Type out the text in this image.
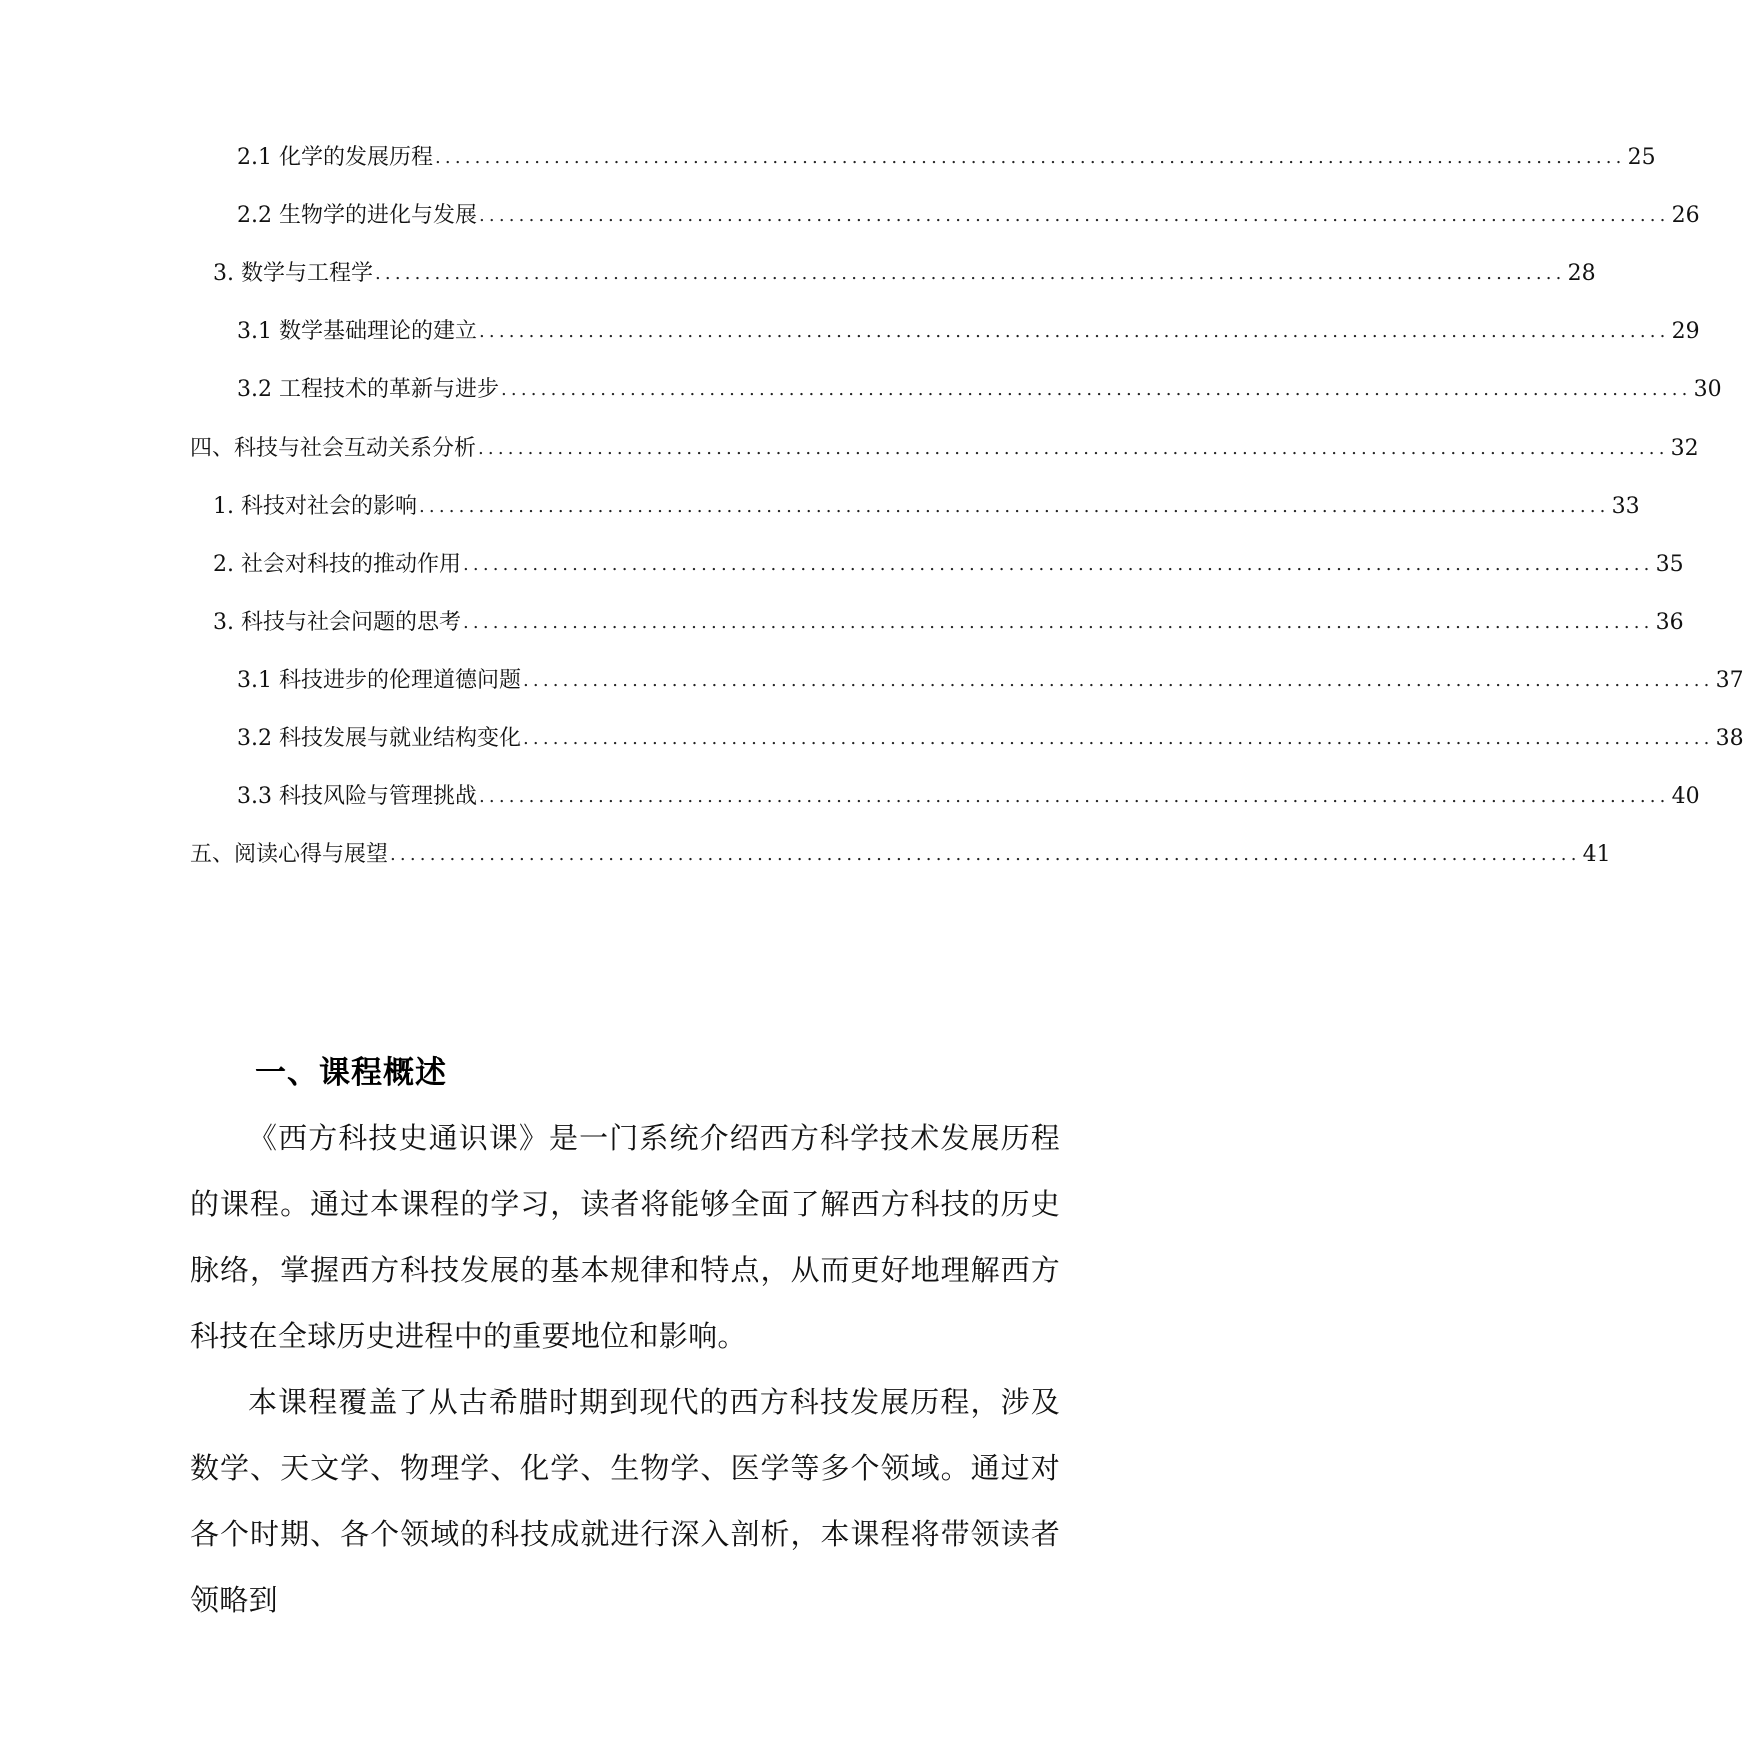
2.1 化学的发展历程 ........................................................................................................................ 25
2.2 生物学的进化与发展 ........................................................................................................................ 26
3. 数学与工程学 ........................................................................................................................ 28
3.1 数学基础理论的建立 ........................................................................................................................ 29
3.2 工程技术的革新与进步 ........................................................................................................................ 30
四、科技与社会互动关系分析 ........................................................................................................................ 32
1. 科技对社会的影响 ........................................................................................................................ 33
2. 社会对科技的推动作用 ........................................................................................................................ 35
3. 科技与社会问题的思考 ........................................................................................................................ 36
3.1 科技进步的伦理道德问题 ........................................................................................................................ 37
3.2 科技发展与就业结构变化 ........................................................................................................................ 38
3.3 科技风险与管理挑战 ........................................................................................................................ 40
五、阅读心得与展望 ........................................................................................................................ 41
一、课程概述

《西方科技史通识课》是一门系统介绍西方科学技术发展历程的课程。通过本课程的学习，读者将能够全面了解西方科技的历史脉络，掌握西方科技发展的基本规律和特点，从而更好地理解西方科技在全球历史进程中的重要地位和影响。

本课程覆盖了从古希腊时期到现代的西方科技发展历程，涉及数学、天文学、物理学、化学、生物学、医学等多个领域。通过对各个时期、各个领域的科技成就进行深入剖析，本课程将带领读者领略到
